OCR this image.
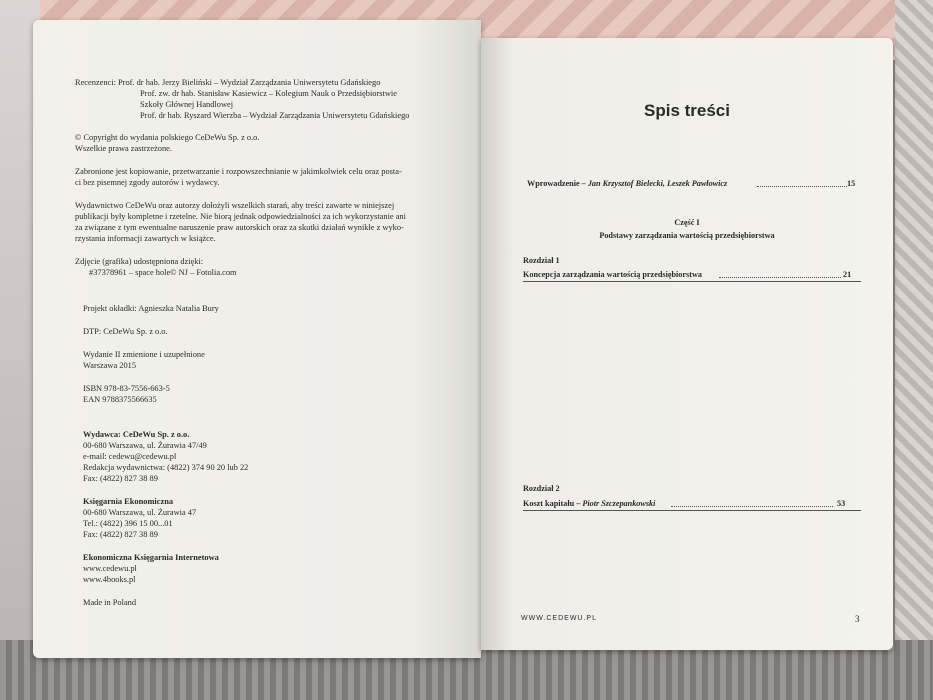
Recenzenci: Prof. dr hab. Jerzy Bieliński – Wydział Zarządzania Uniwersytetu Gdańskiego
Prof. zw. dr hab. Stanisław Kasiewicz – Kolegium Nauk o Przedsiębiorstwie
Szkoły Głównej Handlowej
Prof. dr hab. Ryszard Wierzba – Wydział Zarządzania Uniwersytetu Gdańskiego
© Copyright do wydania polskiego CeDeWu Sp. z o.o.
Wszelkie prawa zastrzeżone.
Zabronione jest kopiowanie, przetwarzanie i rozpowszechnianie w jakimkolwiek celu oraz posta-
ci bez pisemnej zgody autorów i wydawcy.
Wydawnictwo CeDeWu oraz autorzy dołożyli wszelkich starań, aby treści zawarte w niniejszej
publikacji były kompletne i rzetelne. Nie biorą jednak odpowiedzialności za ich wykorzystanie ani
za związane z tym ewentualne naruszenie praw autorskich oraz za skutki działań wynikłe z wyko-
rzystania informacji zawartych w książce.
Zdjęcie (grafika) udostępniona dzięki:
#37378961 – space hole© NJ – Fotolia.com
Projekt okładki: Agnieszka Natalia Bury
DTP: CeDeWu Sp. z o.o.
Wydanie II zmienione i uzupełnione
Warszawa 2015
ISBN 978-83-7556-663-5
EAN 9788375566635
Wydawca: CeDeWu Sp. z o.o.
00-680 Warszawa, ul. Żurawia 47/49
e-mail: cedewu@cedewu.pl
Redakcja wydawnictwa: (4822) 374 90 20 lub 22
Fax: (4822) 827 38 89
Księgarnia Ekonomiczna
00-680 Warszawa, ul. Żurawia 47
Tel.: (4822) 396 15 00...01
Fax: (4822) 827 38 89
Ekonomiczna Księgarnia Internetowa
www.cedewu.pl
www.4books.pl
Made in Poland
Spis treści
Wprowadzenie – Jan Krzysztof Bielecki, Leszek Pawłowicz	15
Część I
Podstawy zarządzania wartością przedsiębiorstwa
Rozdział 1
Koncepcja zarządzania wartością przedsiębiorstwa	21
Rozdział 2
Koszt kapitału – Piotr Szczepankowski	53
WWW.CEDEWU.PL	3
